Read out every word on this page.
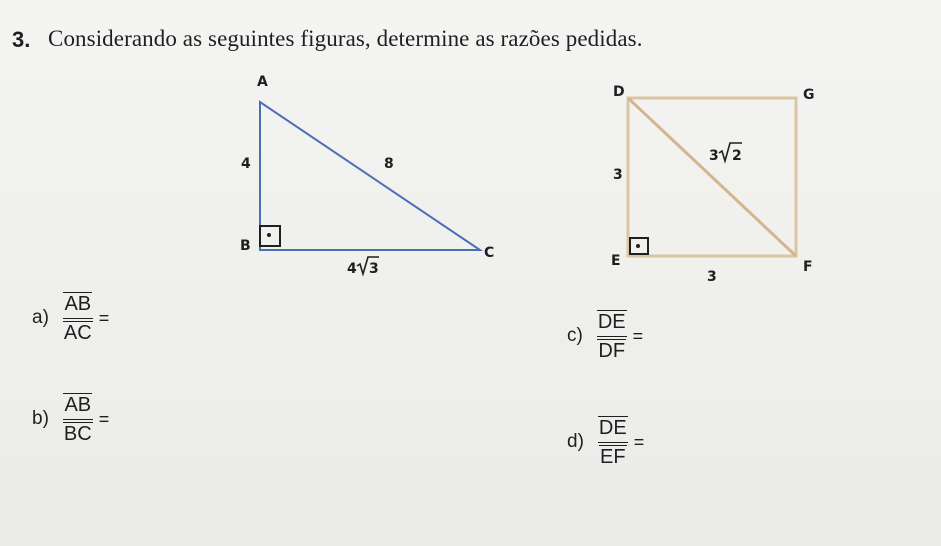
3. Considerando as seguintes figuras, determine as razões pedidas.
A
B	C
4	8
4 3
D	G
E	F
3
3
3 2
$a) \frac{AB}{AC}$ =
$b) \frac{AB}{BC}$ =
$c) \frac{DE}{DF}$ =
$d) \frac{DE}{EF}$ =
